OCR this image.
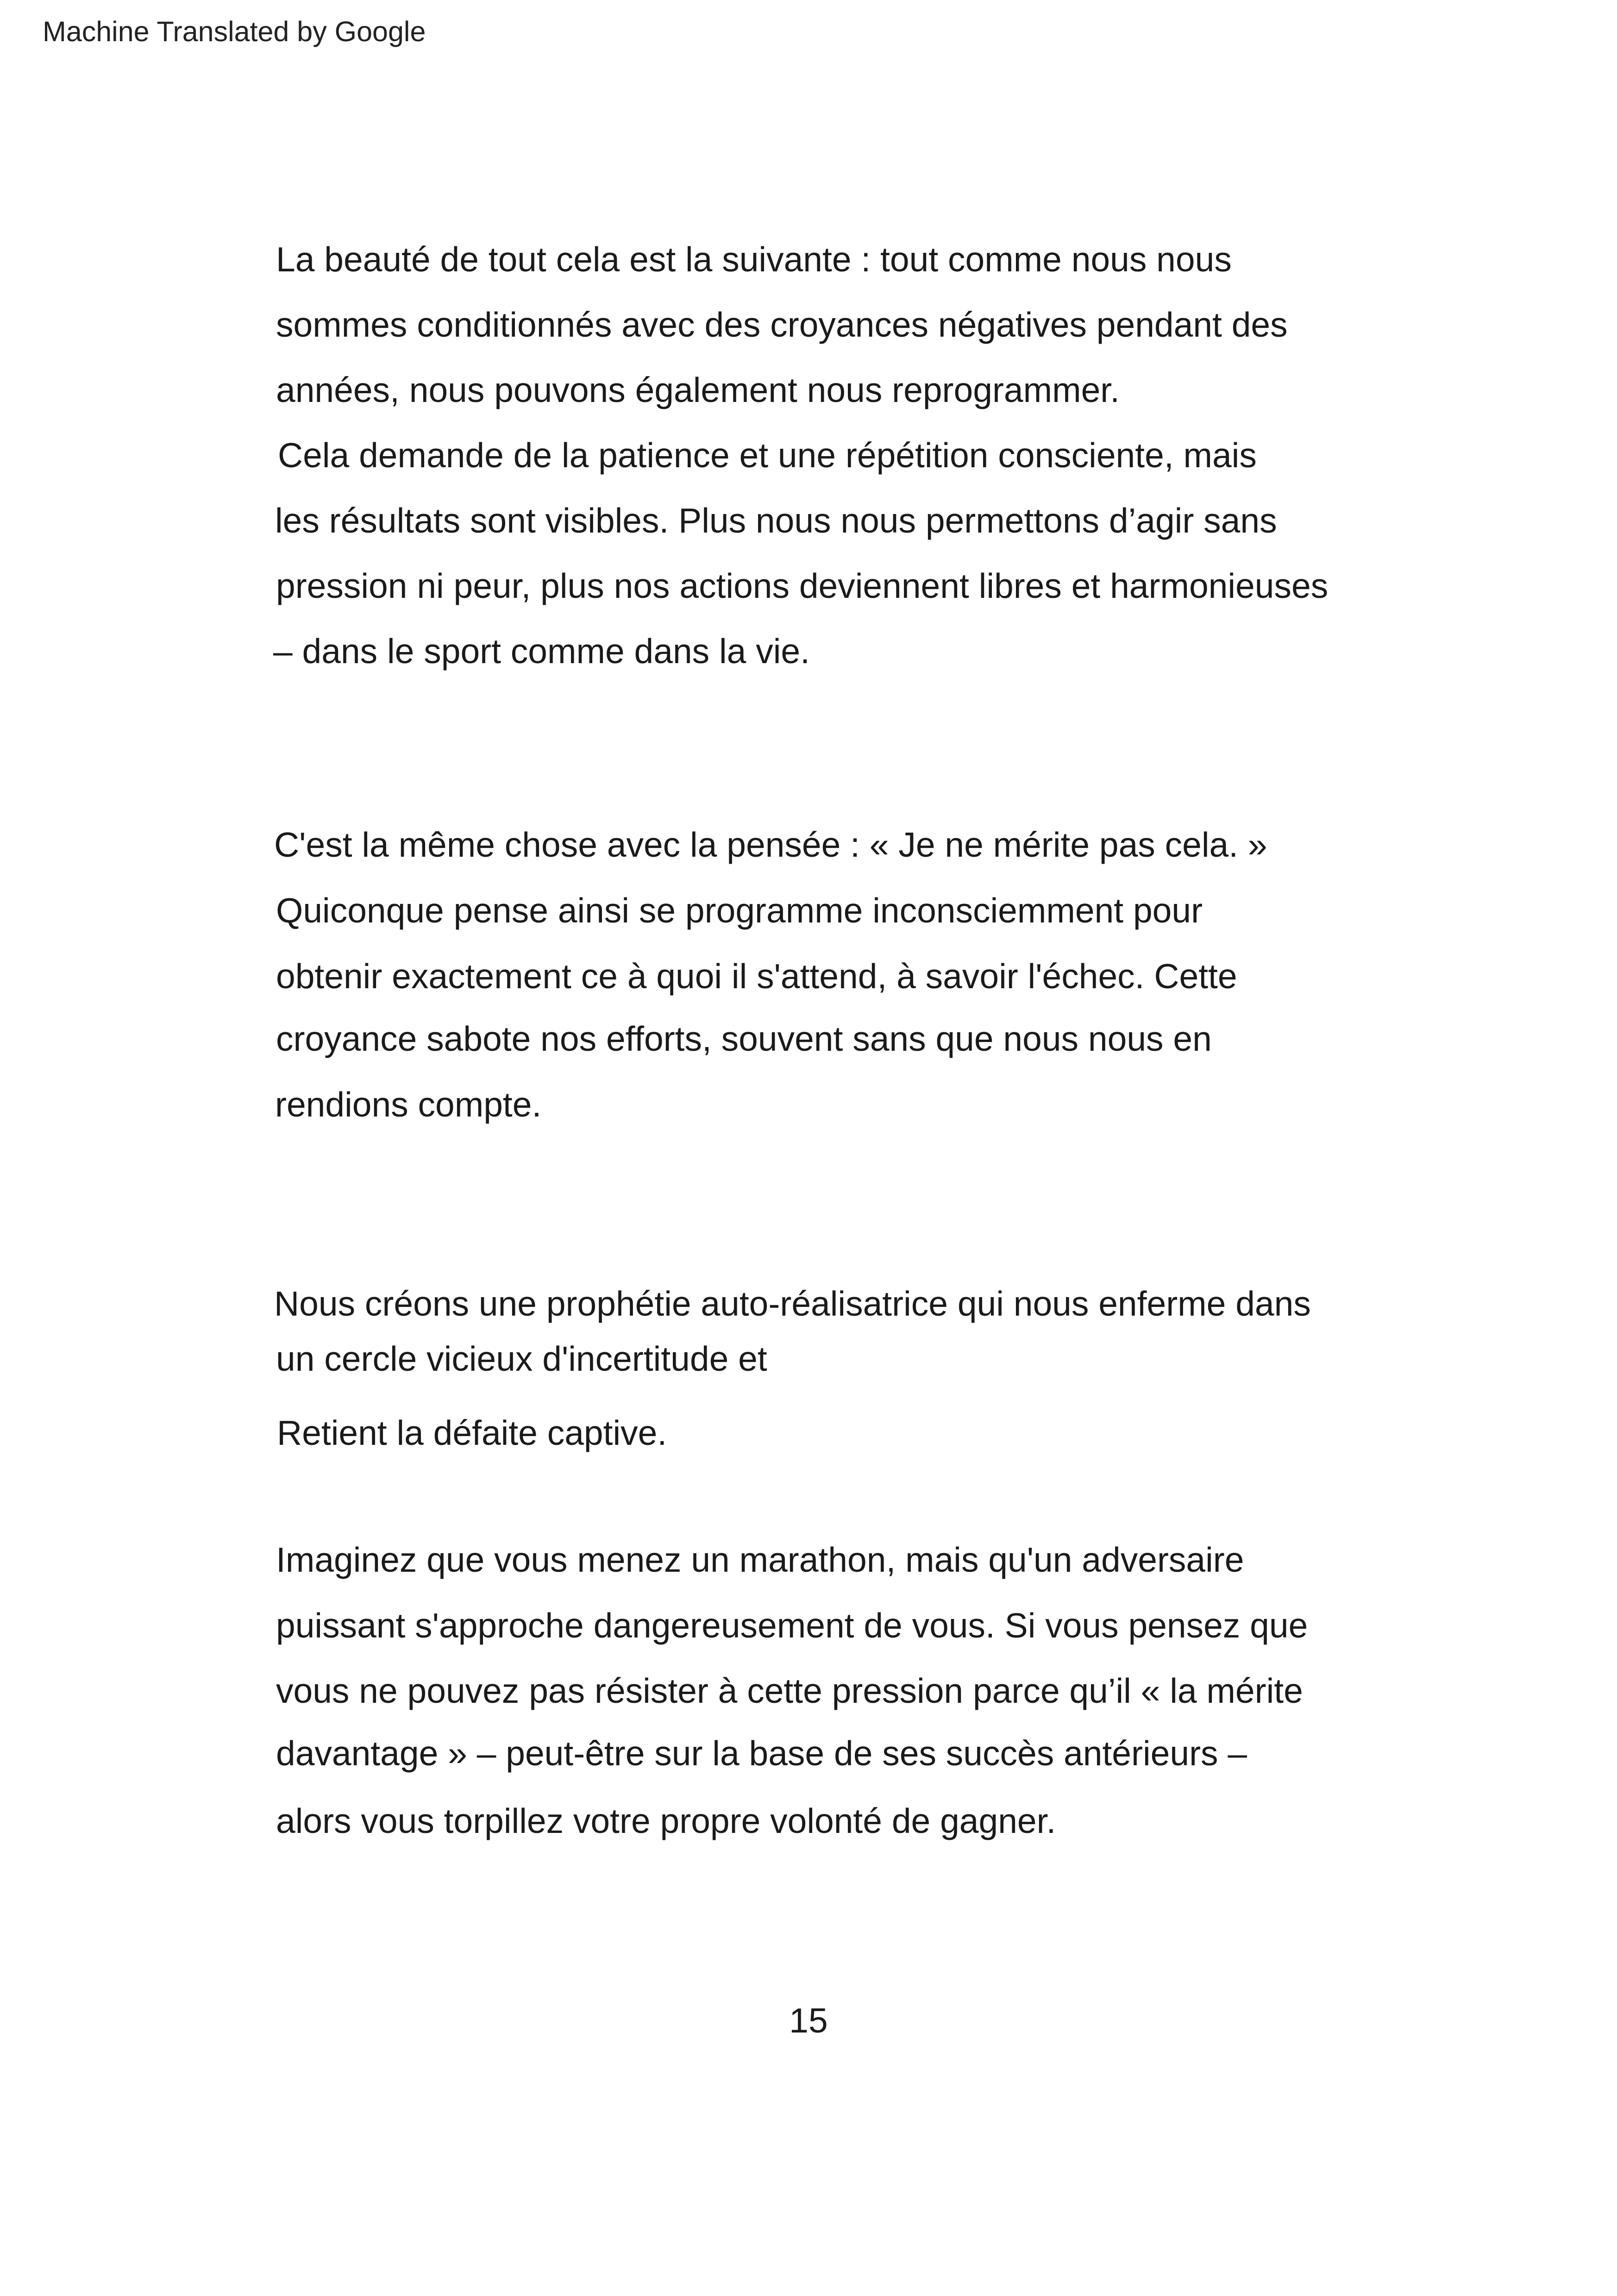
Machine Translated by Google
La beauté de tout cela est la suivante : tout comme nous nous
sommes conditionnés avec des croyances négatives pendant des
années, nous pouvons également nous reprogrammer.
Cela demande de la patience et une répétition consciente, mais
les résultats sont visibles. Plus nous nous permettons d’agir sans
pression ni peur, plus nos actions deviennent libres et harmonieuses
– dans le sport comme dans la vie.
C'est la même chose avec la pensée : « Je ne mérite pas cela. »
Quiconque pense ainsi se programme inconsciemment pour
obtenir exactement ce à quoi il s'attend, à savoir l'échec. Cette
croyance sabote nos efforts, souvent sans que nous nous en
rendions compte.
Nous créons une prophétie auto-réalisatrice qui nous enferme dans
un cercle vicieux d'incertitude et
Retient la défaite captive.
Imaginez que vous menez un marathon, mais qu'un adversaire
puissant s'approche dangereusement de vous. Si vous pensez que
vous ne pouvez pas résister à cette pression parce qu’il « la mérite
davantage » – peut-être sur la base de ses succès antérieurs –
alors vous torpillez votre propre volonté de gagner.
15
